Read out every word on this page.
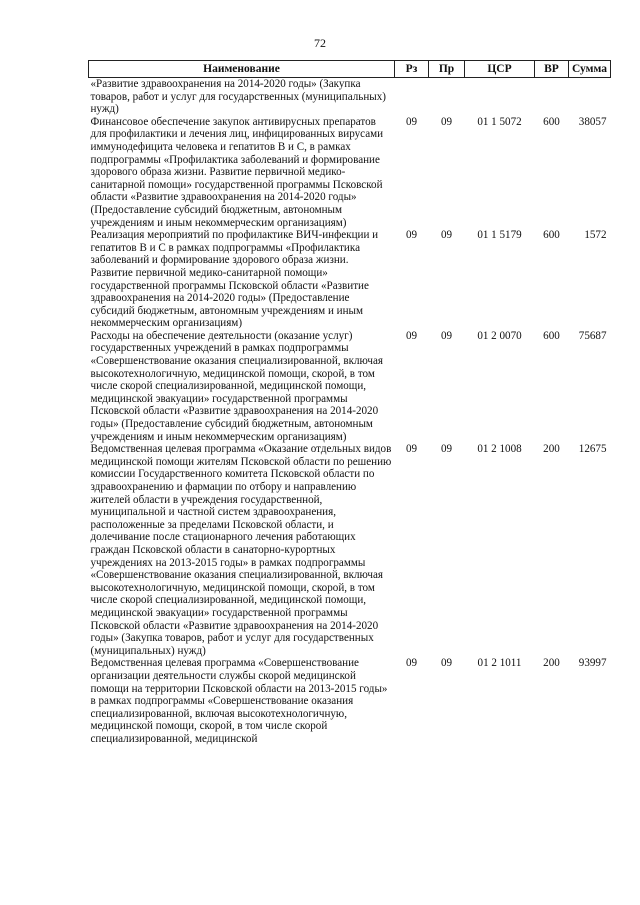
72
Наименование	Рз	Пр	ЦСР	ВР	Сумма
«Развитие здравоохранения на 2014-2020 годы» (Закупка товаров, работ и услуг для государственных (муниципальных) нужд)					
Финансовое обеспечение закупок антивирусных препаратов для профилактики и лечения лиц, инфицированных вирусами иммунодефицита человека и гепатитов В и С, в рамках подпрограммы «Профилактика заболеваний и формирование здорового образа жизни. Развитие первичной медико-санитарной помощи» государственной программы Псковской области «Развитие здравоохранения на 2014-2020 годы» (Предоставление субсидий бюджетным, автономным учреждениям и иным некоммерческим организациям)	09	09	01 1 5072	600	38057
Реализация мероприятий по профилактике ВИЧ-инфекции и гепатитов В и С в рамках подпрограммы «Профилактика заболеваний и формирование здорового образа жизни. Развитие первичной медико-санитарной помощи» государственной программы Псковской области «Развитие здравоохранения на 2014-2020 годы» (Предоставление субсидий бюджетным, автономным учреждениям и иным некоммерческим организациям)	09	09	01 1 5179	600	1572
Расходы на обеспечение деятельности (оказание услуг) государственных учреждений в рамках подпрограммы «Совершенствование оказания специализированной, включая высокотехнологичную, медицинской помощи, скорой, в том числе скорой специализированной, медицинской помощи, медицинской эвакуации» государственной программы Псковской области «Развитие здравоохранения на 2014-2020 годы» (Предоставление субсидий бюджетным, автономным учреждениям и иным некоммерческим организациям)	09	09	01 2 0070	600	75687
Ведомственная целевая программа «Оказание отдельных видов медицинской помощи жителям Псковской области по решению комиссии Государственного комитета Псковской области по здравоохранению и фармации по отбору и направлению жителей области в учреждения государственной, муниципальной и частной систем здравоохранения, расположенные за пределами Псковской области, и долечивание после стационарного лечения работающих граждан Псковской области в санаторно-курортных учреждениях на 2013-2015 годы» в рамках подпрограммы «Совершенствование оказания специализированной, включая высокотехнологичную, медицинской помощи, скорой, в том числе скорой специализированной, медицинской помощи, медицинской эвакуации» государственной программы Псковской области «Развитие здравоохранения на 2014-2020 годы» (Закупка товаров, работ и услуг для государственных (муниципальных) нужд)	09	09	01 2 1008	200	12675
Ведомственная целевая программа «Совершенствование организации деятельности службы скорой медицинской помощи на территории Псковской области на 2013-2015 годы» в рамках подпрограммы «Совершенствование оказания специализированной, включая высокотехнологичную, медицинской помощи, скорой, в том числе скорой специализированной, медицинской	09	09	01 2 1011	200	93997
